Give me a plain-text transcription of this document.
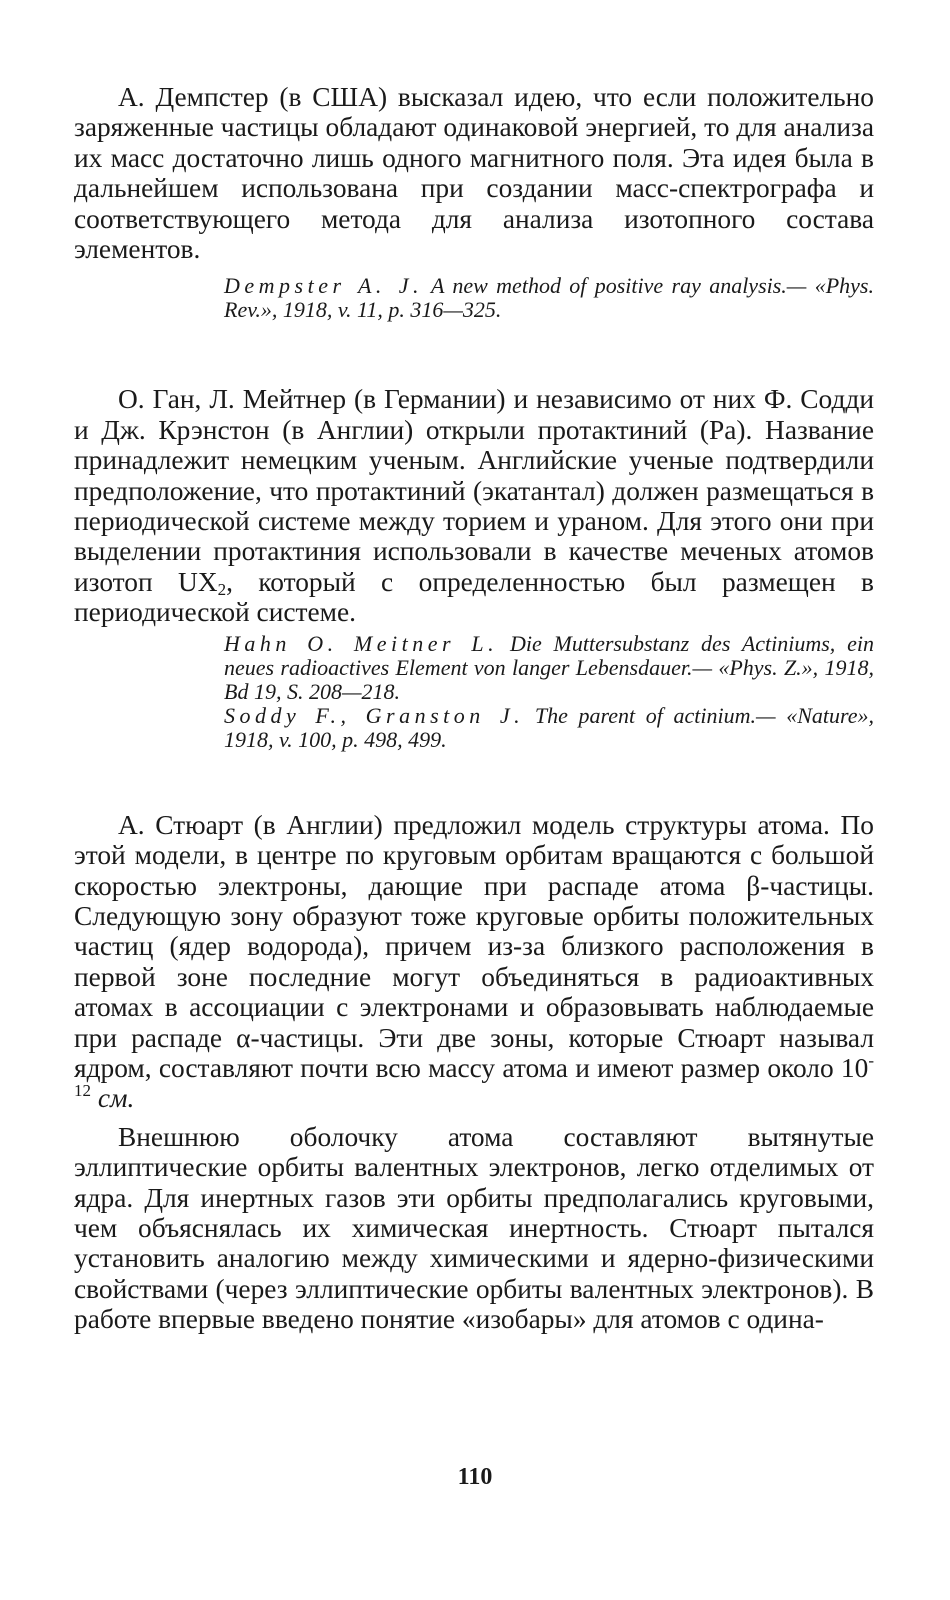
А. Демпстер (в США) высказал идею, что если положительно заряженные частицы обладают одинаковой энергией, то для анализа их масс достаточно лишь одного магнитного поля. Эта идея была в дальнейшем использована при создании масс-спектрографа и соответствующего метода для анализа изотопного состава элементов.

Dempster A. J. A new method of positive ray analysis.— «Phys. Rev.», 1918, v. 11, p. 316—325.

О. Ган, Л. Мейтнер (в Германии) и независимо от них Ф. Содди и Дж. Крэнстон (в Англии) открыли протактиний (Ра). Название принадлежит немецким ученым. Английские ученые подтвердили предположение, что протактиний (экатантал) должен размещаться в периодической системе между торием и ураном. Для этого они при выделении протактиния использовали в качестве меченых атомов изотоп $UX_2$, который с определенностью был размещен в периодической системе.

Hahn O. Meitner L. Die Muttersubstanz des Actiniums, ein neues radioactives Element von langer Lebensdauer.— «Phys. Z.», 1918, Bd 19, S. 208—218.

Soddy F., Granston J. The parent of actinium.— «Nature», 1918, v. 100, p. 498, 499.

А. Стюарт (в Англии) предложил модель структуры атома. По этой модели, в центре по круговым орбитам вращаются с большой скоростью электроны, дающие при распаде атома β-частицы. Следующую зону образуют тоже круговые орбиты положительных частиц (ядер водорода), причем из-за близкого расположения в первой зоне последние могут объединяться в радиоактивных атомах в ассоциации с электронами и образовывать наблюдаемые при распаде α-частицы. Эти две зоны, которые Стюарт называл ядром, составляют почти всю массу атома и имеют размер около $10^{-12}$ см.

Внешнюю оболочку атома составляют вытянутые эллиптические орбиты валентных электронов, легко отделимых от ядра. Для инертных газов эти орбиты предполагались круговыми, чем объяснялась их химическая инертность. Стюарт пытался установить аналогию между химическими и ядерно-физическими свойствами (через эллиптические орбиты валентных электронов). В работе впервые введено понятие «изобары» для атомов с одина-

110
